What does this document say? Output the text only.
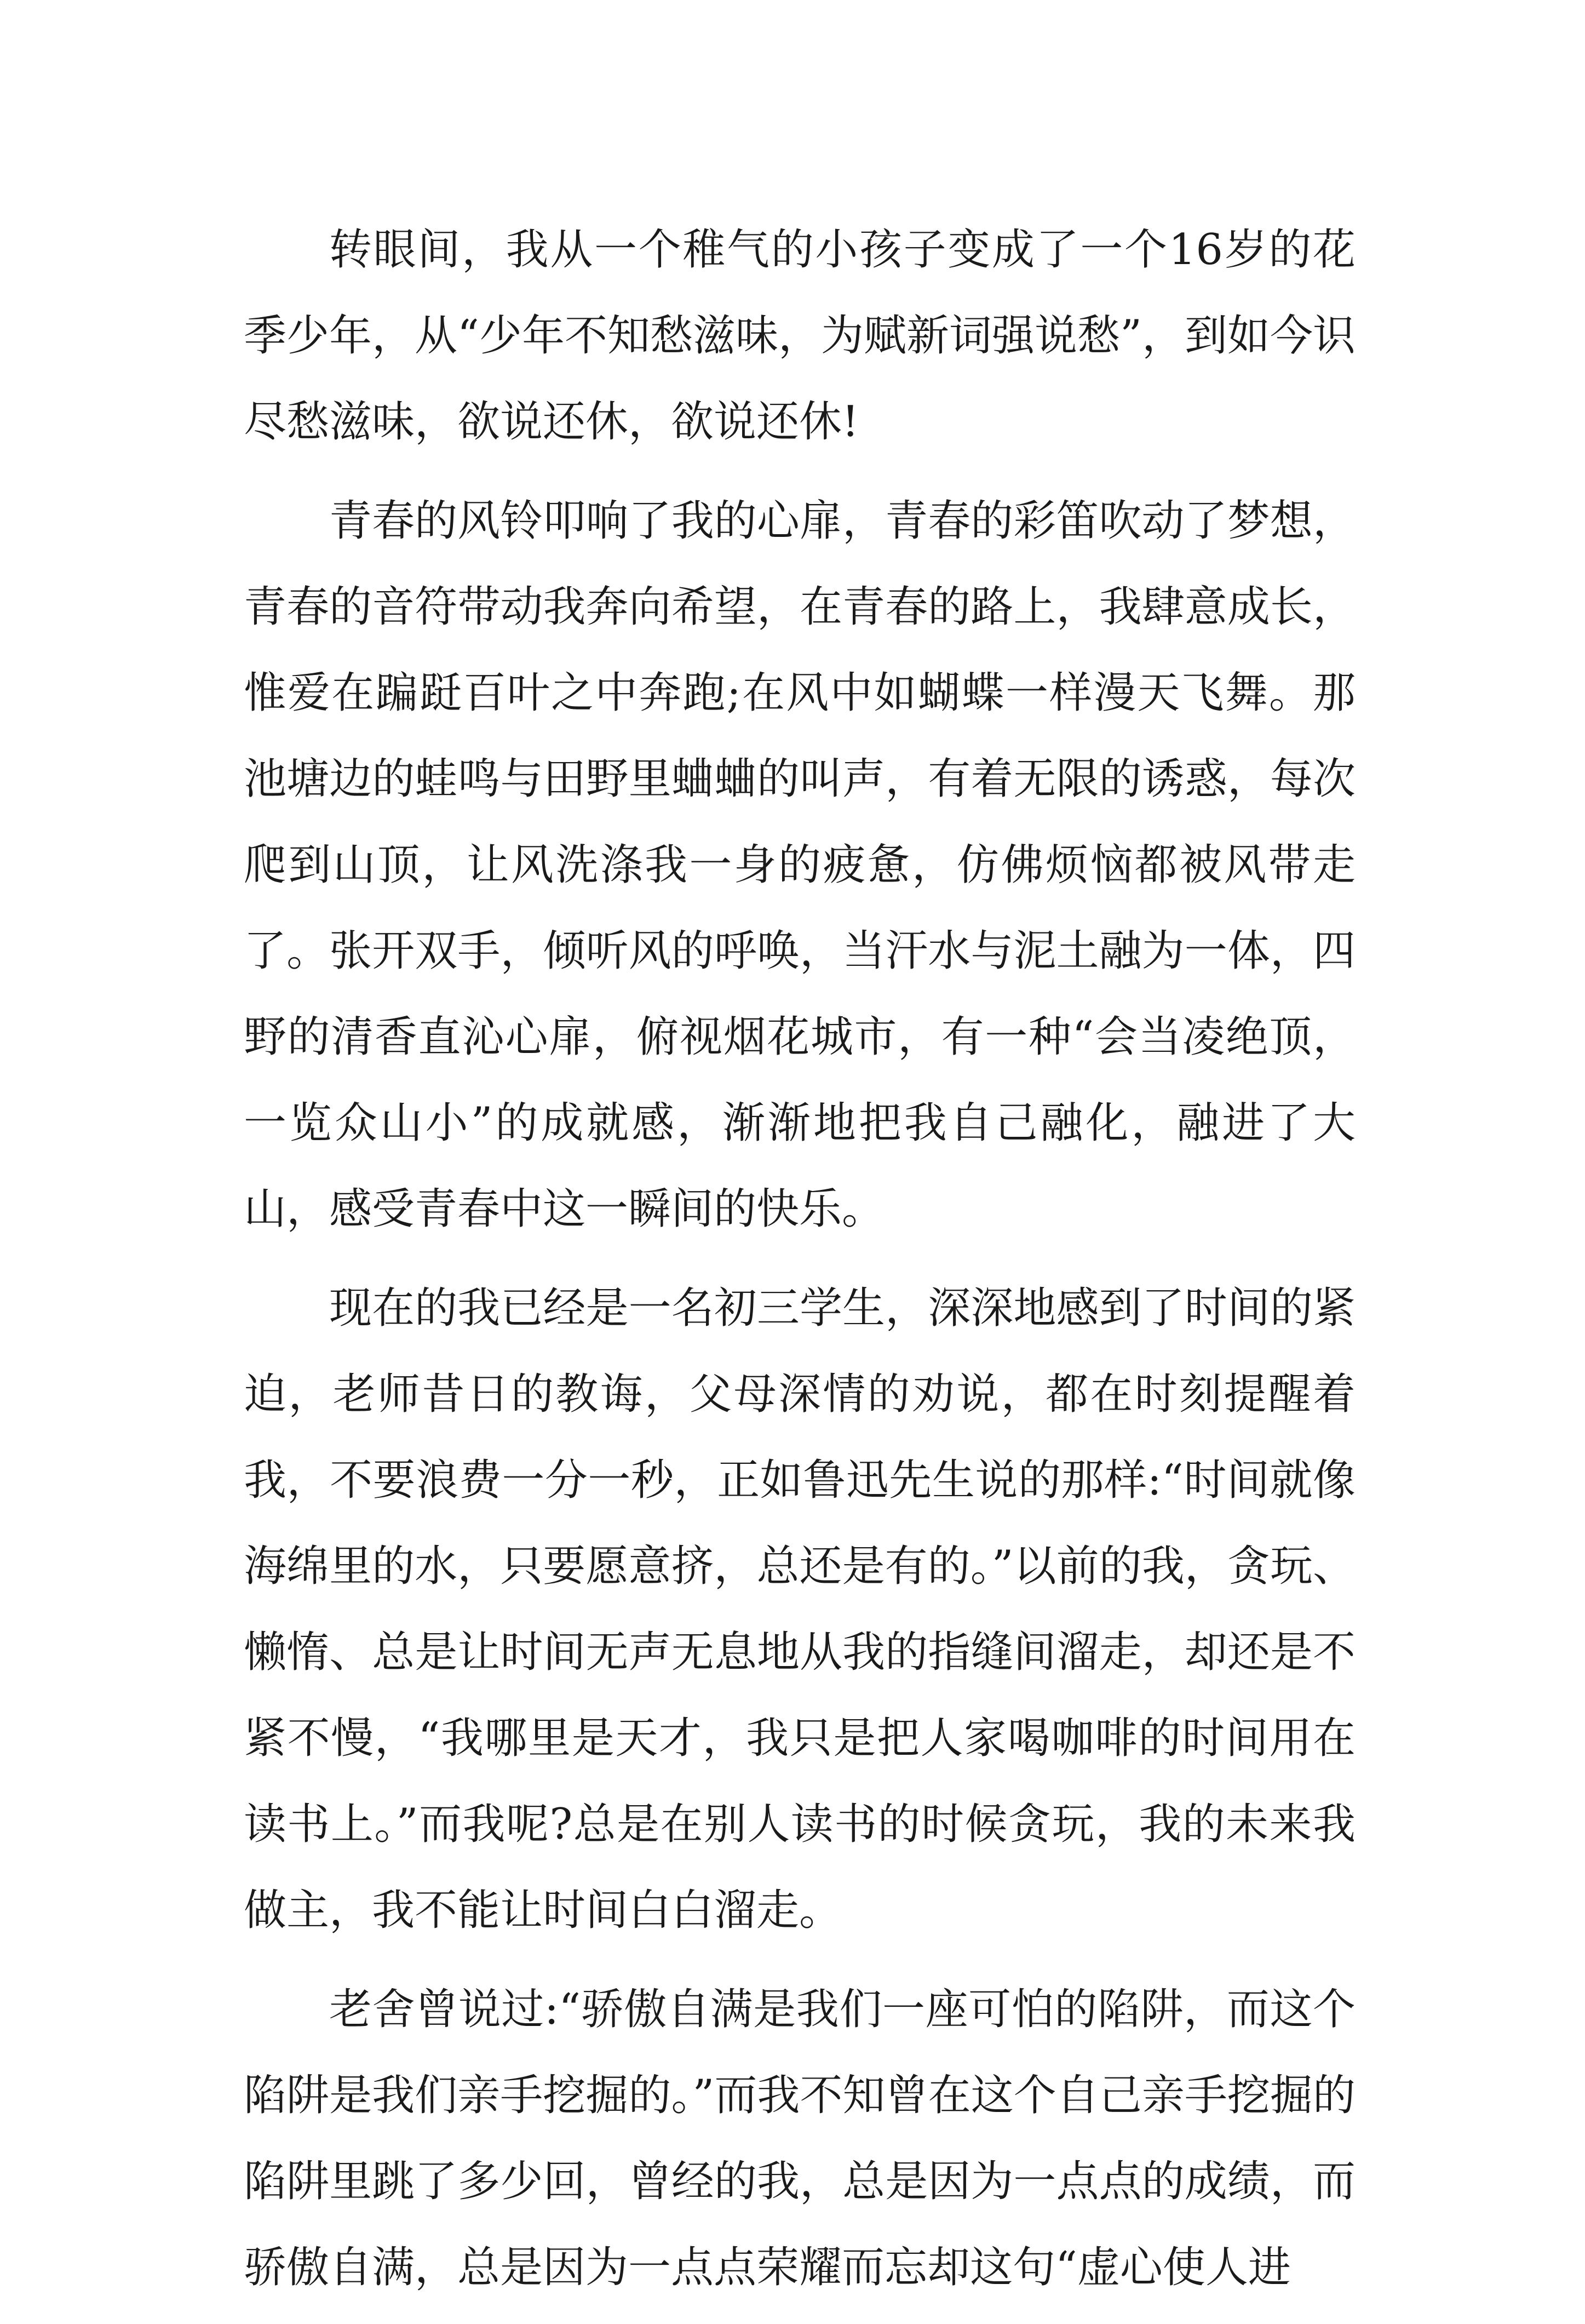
转眼间，我从一个稚气的小孩子变成了一个16岁的花季少年，从“少年不知愁滋味，为赋新词强说愁”，到如今识尽愁滋味，欲说还休，欲说还休!

青春的风铃叩响了我的心扉，青春的彩笛吹动了梦想，青春的音符带动我奔向希望，在青春的路上，我肆意成长，惟爱在蹁跹百叶之中奔跑;在风中如蝴蝶一样漫天飞舞。那池塘边的蛙鸣与田野里蛐蛐的叫声，有着无限的诱惑，每次爬到山顶，让风洗涤我一身的疲惫，仿佛烦恼都被风带走了。张开双手，倾听风的呼唤，当汗水与泥土融为一体，四野的清香直沁心扉，俯视烟花城市，有一种“会当凌绝顶，一览众山小”的成就感，渐渐地把我自己融化，融进了大山，感受青春中这一瞬间的快乐。

现在的我已经是一名初三学生，深深地感到了时间的紧迫，老师昔日的教诲，父母深情的劝说，都在时刻提醒着我，不要浪费一分一秒，正如鲁迅先生说的那样:“时间就像海绵里的水，只要愿意挤，总还是有的。”以前的我，贪玩、懒惰、总是让时间无声无息地从我的指缝间溜走，却还是不紧不慢，“我哪里是天才，我只是把人家喝咖啡的时间用在读书上。”而我呢?总是在别人读书的时候贪玩，我的未来我做主，我不能让时间白白溜走。

老舍曾说过:“骄傲自满是我们一座可怕的陷阱，而这个陷阱是我们亲手挖掘的。”而我不知曾在这个自己亲手挖掘的陷阱里跳了多少回，曾经的我，总是因为一点点的成绩，而骄傲自满，总是因为一点点荣耀而忘却这句“虚心使人进
